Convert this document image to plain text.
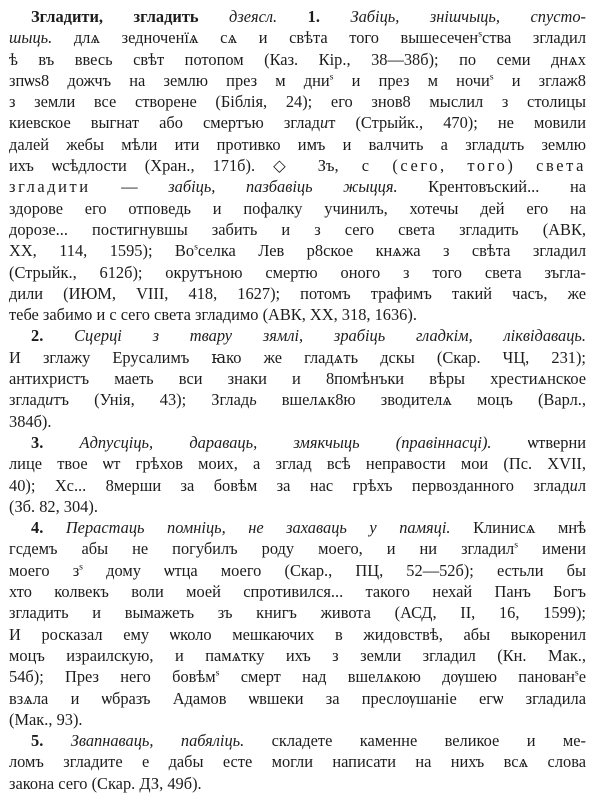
Згладити, згладить дзеясл. 1. Забіць, знішчыць, спусто-
шыць. длѧ зедноченїѧ сѧ и свѣта того вышесечен$^ѕ$ства згладил
ѣ въ ввесь свѣт потопом (Каз. Кір., 38—38б); по семи днѧх
зпѡѕ8 дожчъ на землю през м дни$^ѕ$ и през м ночи$^ѕ$ и зглаж8
з земли все створене (Біблія, 24); его знов8 мыслил з столицы
киевское выгнат або смертъю згладит (Стрыйк., 470); не мовили
далей жебы мѣли ити противко имъ и валчить а згладить землю
ихъ ѡсѣдлости (Хран., 171б). ◇ Зъ, с (сего, того) света
згладити — забіць, пазбавіць жыцця. Крентовъский... на
здорове его отповедь и пофалку учинилъ, хотечы дей его на
дорозе... постигнувшы забить и з сего света згладить (АВК,
XX, 114, 1595); $Во^ѕселка$ Лев р8ское кнѧжа з свѣта згладил
(Стрыйк., 612б); окрутъною смертю оного з того света зъгла-
дили (ИЮМ, VIII, 418, 1627); потомъ трафимъ такий часъ, же
тебе забимо и с сего света згладимо (АВК, XX, 318, 1636).
2. Сцерці з твару зямлі, зрабіць гладкім, ліквідаваць.
И зглажу Ерусалимъ ꙗко же гладѧть дскы (Скар. ЧЦ, 231);
антихристъ маеть вси знаки и 8помѣнъки вѣры хрестиѧнское
згладитъ (Унія, 43); Згладь вшелѧк8ю зводителѧ моцъ (Варл.,
384б).
3. Адпусціць, дараваць, змякчыць (правіннасці). ѡтверни
лице твое ѡт грѣхов моих, а зглад всѣ неправости мои (Пс. XVII,
40); Хс... 8мерши за бовѣм за нас грѣхъ первозданного згладил
(Зб. 82, 304).
4. Перастаць помніць, не захаваць у памяці. Клинисѧ мнѣ
гсдемъ абы не погубилъ роду моего, и ни згладил$^ѕ$ имени
моего $з^ѕ$ дому ѡтца моего (Скар., ПЦ, 52—52б); естьли бы
хто колвекъ воли моей спротивился... такого нехай Панъ Богъ
згладить и вымажеть зъ книгъ живота (АСД, II, 16, 1599);
И росказал ему ѡколо мешкаючих в жидовствѣ, абы выкоренил
моцъ израилскую, и памѧтку ихъ з земли згладил (Кн. Мак.,
54б); През него бовѣм$^ѕ$ смерт над вшелѧкою дѹшею панован$^ѕ$е
взѧла и ѡбразъ Адамов ѡвшеки за преслѹшаніе егѡ згладила
(Мак., 93).
5. Звапнаваць, пабяліць. складете каменне великое и ме-
ломъ згладите е дабы есте могли написати на нихъ всѧ слова
закона сего (Скар. ДЗ, 49б).
